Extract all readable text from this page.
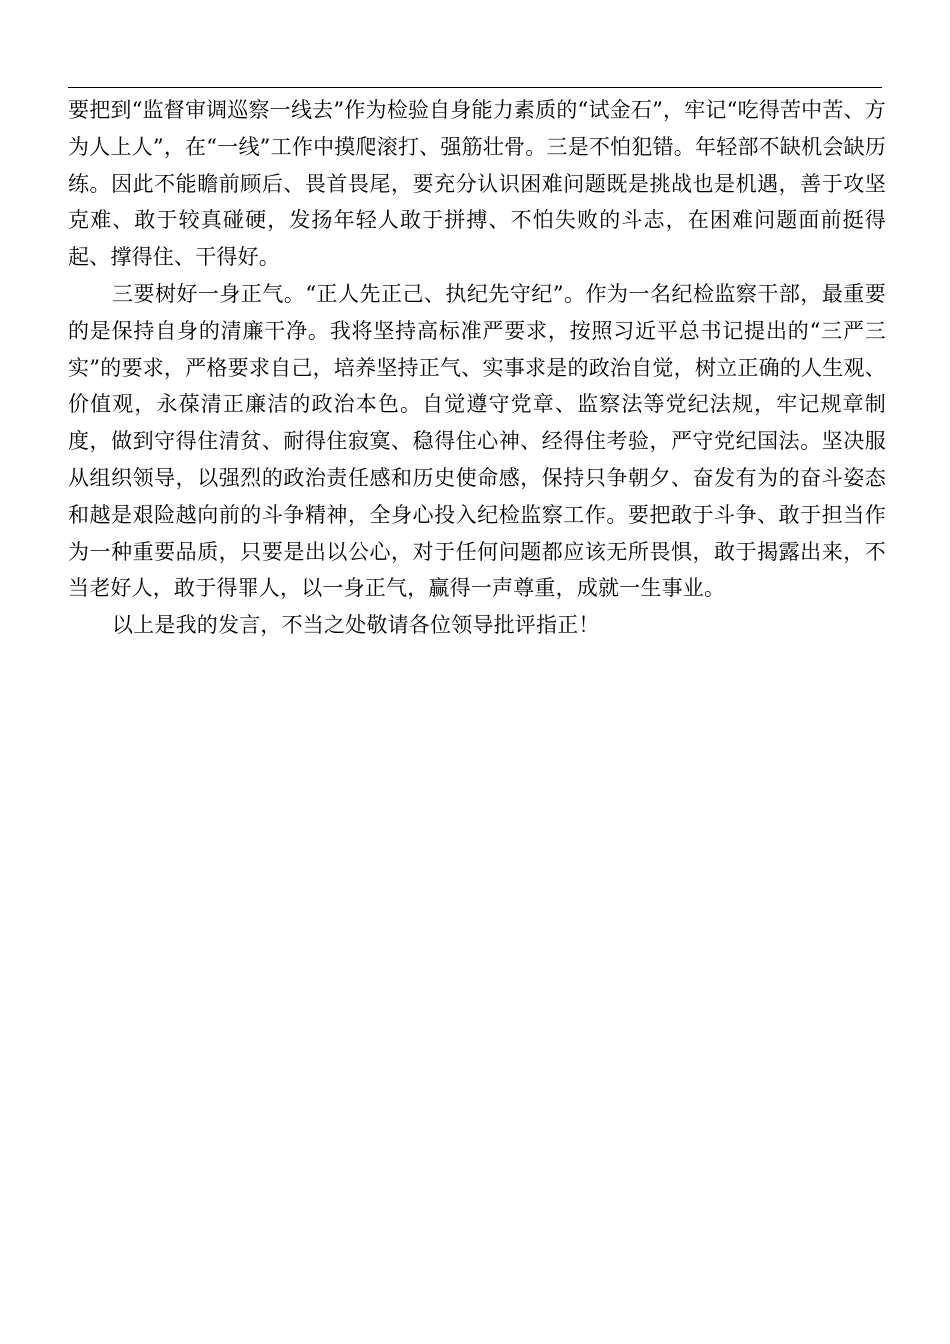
要把到“监督审调巡察一线去”作为检验自身能力素质的“试金石”，牢记“吃得苦中苦、方为人上人”，在“一线”工作中摸爬滚打、强筋壮骨。三是不怕犯错。年轻部不缺机会缺历练。因此不能瞻前顾后、畏首畏尾，要充分认识困难问题既是挑战也是机遇，善于攻坚克难、敢于较真碰硬，发扬年轻人敢于拼搏、不怕失败的斗志，在困难问题面前挺得起、撑得住、干得好。

三要树好一身正气。“正人先正己、执纪先守纪”。作为一名纪检监察干部，最重要的是保持自身的清廉干净。我将坚持高标准严要求，按照习近平总书记提出的“三严三实”的要求，严格要求自己，培养坚持正气、实事求是的政治自觉，树立正确的人生观、价值观，永葆清正廉洁的政治本色。自觉遵守党章、监察法等党纪法规，牢记规章制度，做到守得住清贫、耐得住寂寞、稳得住心神、经得住考验，严守党纪国法。坚决服从组织领导，以强烈的政治责任感和历史使命感，保持只争朝夕、奋发有为的奋斗姿态和越是艰险越向前的斗争精神，全身心投入纪检监察工作。要把敢于斗争、敢于担当作为一种重要品质，只要是出以公心，对于任何问题都应该无所畏惧，敢于揭露出来，不当老好人，敢于得罪人，以一身正气，赢得一声尊重，成就一生事业。

以上是我的发言，不当之处敬请各位领导批评指正！
